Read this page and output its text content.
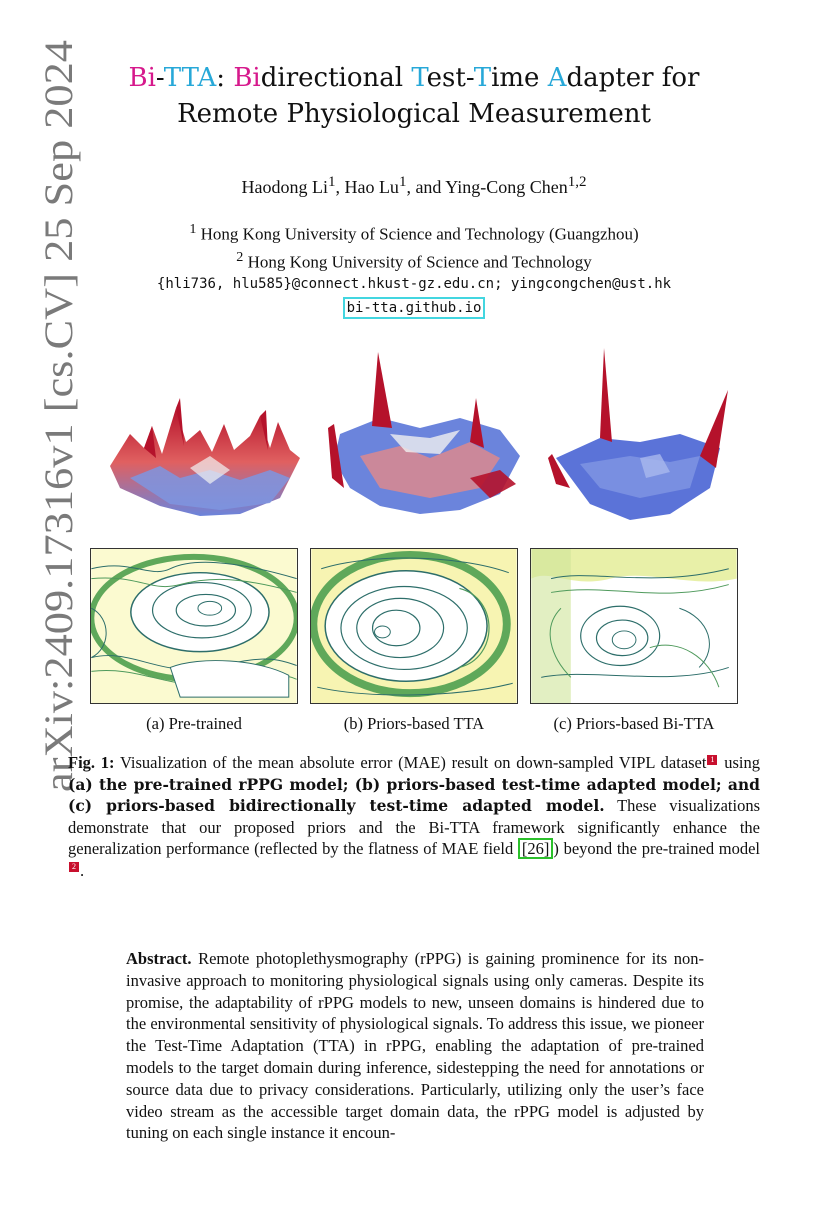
arXiv:2409.17316v1 [cs.CV] 25 Sep 2024
Bi-TTA: Bidirectional Test-Time Adapter for
Remote Physiological Measurement
Haodong Li$^1$, Hao Lu$^1$, and Ying-Cong Chen$^{1,2}$
$^1$ Hong Kong University of Science and Technology (Guangzhou)
$^2$ Hong Kong University of Science and Technology
{hli736, hlu585}@connect.hkust-gz.edu.cn; yingcongchen@ust.hk
bi-tta.github.io
(a) Pre-trained	(b) Priors-based TTA	(c) Priors-based Bi-TTA
Fig. 1: Visualization of the mean absolute error (MAE) result on down-sampled VIPL dataset 1 using (a) the pre-trained rPPG model; (b) priors-based test-time adapted model; and (c) priors-based bidirectionally test-time adapted model. These visualizations demonstrate that our proposed priors and the Bi-TTA framework significantly enhance the generalization performance (reflected by the flatness of MAE field [26] ) beyond the pre-trained model2 .
Abstract. Remote photoplethysmography (rPPG) is gaining prominence for its non-invasive approach to monitoring physiological signals using only cameras. Despite its promise, the adaptability of rPPG models to new, unseen domains is hindered due to the environmental sensitivity of physiological signals. To address this issue, we pioneer the Test-Time Adaptation (TTA) in rPPG, enabling the adaptation of pre-trained models to the target domain during inference, sidestepping the need for annotations or source data due to privacy considerations. Particularly, utilizing only the user’s face video stream as the accessible target domain data, the rPPG model is adjusted by tuning on each single instance it encoun-
